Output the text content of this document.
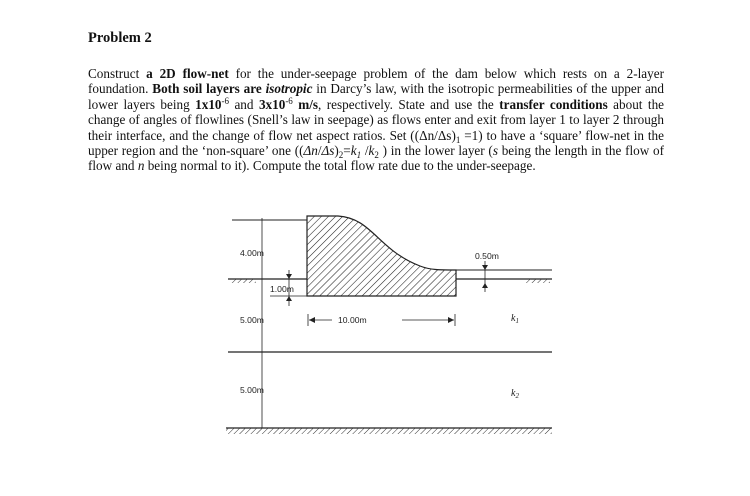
Problem 2

Construct a 2D flow-net for the under-seepage problem of the dam below which rests on a 2-layer foundation. Both soil layers are isotropic in Darcy’s law, with the isotropic permeabilities of the upper and lower layers being $1x10^{-6}$ and $3x10^{-6}$ m/s, respectively. State and use the transfer conditions about the change of angles of flowlines (Snell’s law in seepage) as flows enter and exit from layer 1 to layer 2 through their interface, and the change of flow net aspect ratios. Set $((\Delta n/\Delta s)_1 =1)$ to have a ‘square’ flow-net in the upper region and the ‘non-square’ one ($(\Delta n/\Delta s)_2=k_1$ $/k_2$ ) in the lower layer (s being the length in the flow of flow and n being normal to it). Compute the total flow rate due to the under-seepage.

4.00m
1.00m
5.00m	10.00m
0.50m
5.00m
$k_1$
$k_2$
